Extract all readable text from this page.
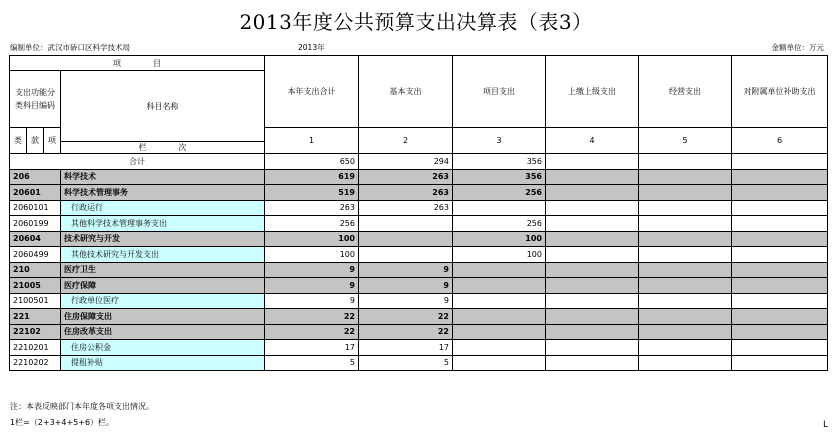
2013年度公共预算支出决算表（表3）
编制单位：武汉市硚口区科学技术局	2013年	金额单位：万元
项　　　　目				本年支出合计	基本支出	项目支出	上缴上级支出	经营支出	对附属单位补助支出
支出功能分类科目编码			科目名称						

类	款	项		1	2	3	4	5	6
			栏　　　　次						
合计				650	294	356			
206			科学技术	619	263	356			
20601			科学技术管理事务	519	263	256			
2060101			行政运行	263	263				
2060199			其他科学技术管理事务支出	256		256			
20604			技术研究与开发	100		100			
2060499			其他技术研究与开发支出	100		100			
210			医疗卫生	9	9				
21005			医疗保障	9	9				
2100501			行政单位医疗	9	9				
221			住房保障支出	22	22				
22102			住房改革支出	22	22				
2210201			住房公积金	17	17				
2210202			提租补贴	5	5				
注：本表反映部门本年度各项支出情况。
1栏=（2+3+4+5+6）栏。	L
